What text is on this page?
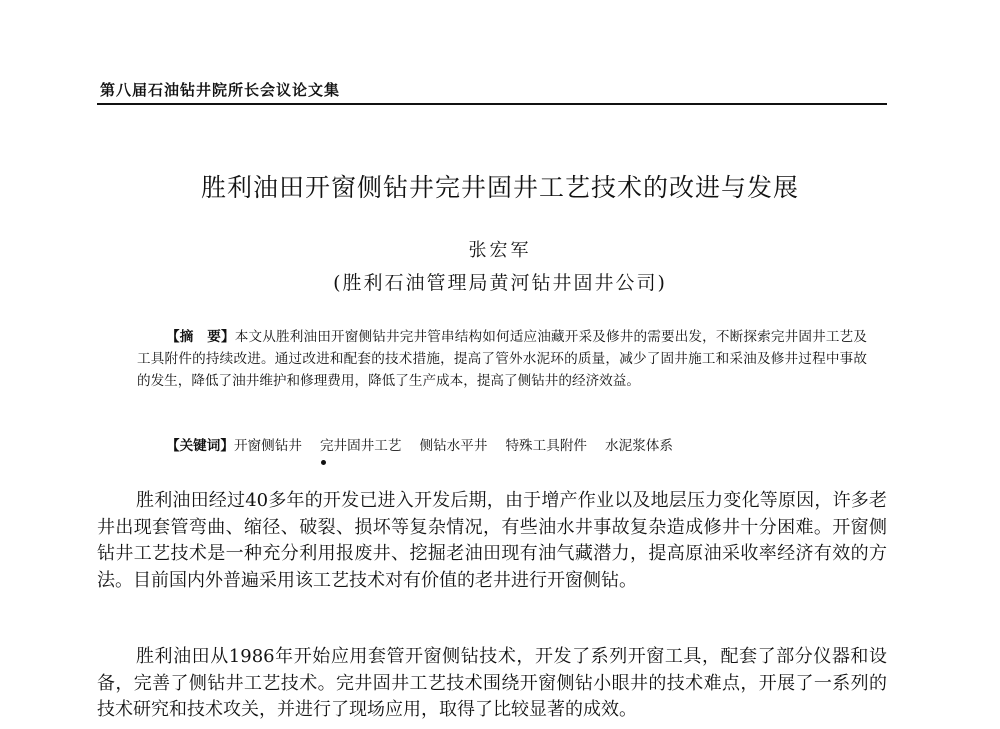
第八届石油钻井院所长会议论文集
胜利油田开窗侧钻井完井固井工艺技术的改进与发展
张宏军
(胜利石油管理局黄河钻井固井公司)
【摘　要】本文从胜利油田开窗侧钻井完井管串结构如何适应油藏开采及修井的需要出发，不断探索完井固井工艺及工具附件的持续改进。通过改进和配套的技术措施，提高了管外水泥环的质量，减少了固井施工和采油及修井过程中事故的发生，降低了油井维护和修理费用，降低了生产成本，提高了侧钻井的经济效益。
【关键词】开窗侧钻井 完井固井工艺 侧钻水平井 特殊工具附件 水泥浆体系

胜利油田经过40多年的开发已进入开发后期，由于增产作业以及地层压力变化等原因，许多老井出现套管弯曲、缩径、破裂、损坏等复杂情况，有些油水井事故复杂造成修井十分困难。开窗侧钻井工艺技术是一种充分利用报废井、挖掘老油田现有油气藏潜力，提高原油采收率经济有效的方法。目前国内外普遍采用该工艺技术对有价值的老井进行开窗侧钻。

胜利油田从1986年开始应用套管开窗侧钻技术，开发了系列开窗工具，配套了部分仪器和设备，完善了侧钻井工艺技术。完井固井工艺技术围绕开窗侧钻小眼井的技术难点，开展了一系列的技术研究和技术攻关，并进行了现场应用，取得了比较显著的成效。
